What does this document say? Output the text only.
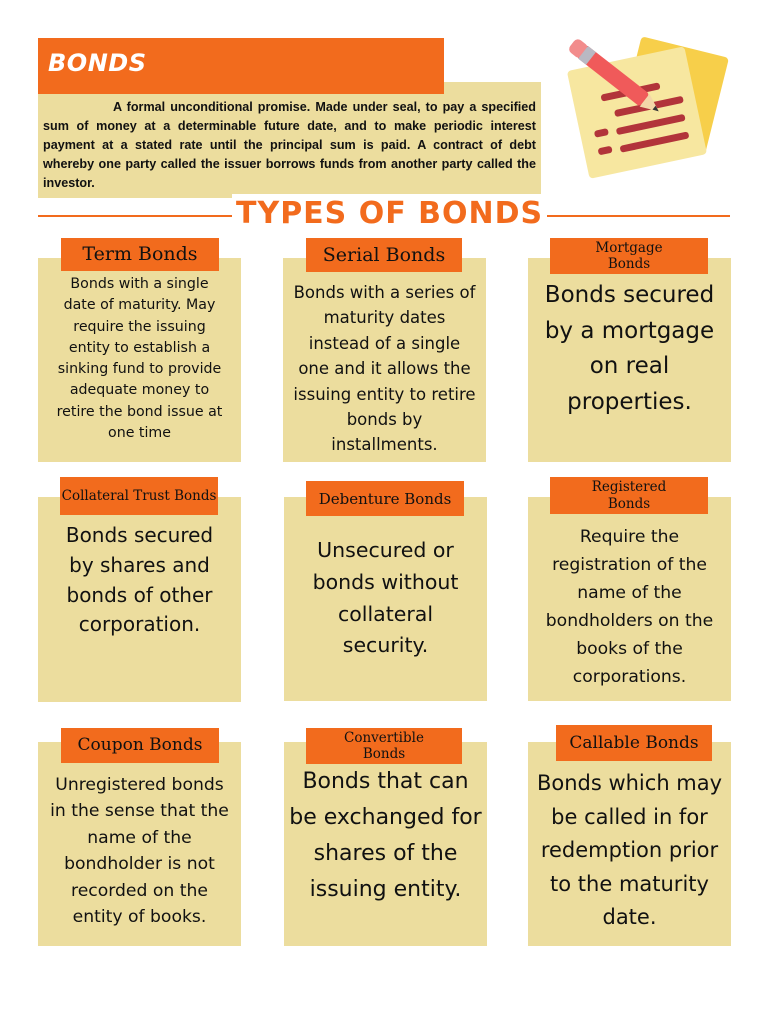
A formal unconditional promise. Made under seal, to pay a specified sum of money at a determinable future date, and to make periodic interest payment at a stated rate until the principal sum is paid. A contract of debt whereby one party called the issuer borrows funds from another party called the investor.
BONDS
TYPES OF BONDS
Bonds with a single date of maturity. May require the issuing entity to establish a sinking fund to provide adequate money to retire the bond issue at one time
Term Bonds
Bonds with a series of maturity dates instead of a single one and it allows the issuing entity to retire bonds by installments.
Serial Bonds
Bonds secured by a mortgage on real properties.
Mortgage Bonds
Bonds secured by shares and bonds of other corporation.
Collateral Trust Bonds
Unsecured or bonds without collateral security.
Debenture Bonds
Require the registration of the name of the bondholders on the books of the corporations.
Registered Bonds
Unregistered bonds in the sense that the name of the bondholder is not recorded on the entity of books.
Coupon Bonds
Bonds that can be exchanged for shares of the issuing entity.
Convertible Bonds
Bonds which may be called in for redemption prior to the maturity date.
Callable Bonds
